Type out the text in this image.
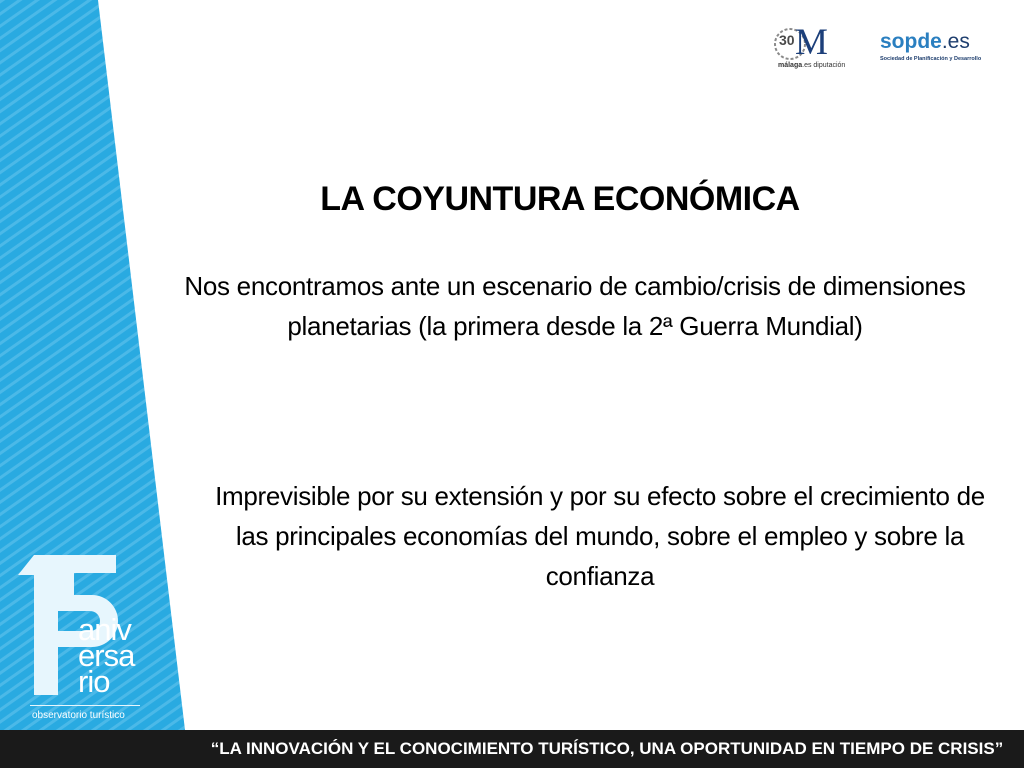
aniv
ersa
rio
observatorio turístico
30 M
málaga.es diputación
sopde.es
Sociedad de Planificación y Desarrollo
LA COYUNTURA ECONÓMICA

Nos encontramos ante un escenario de cambio/crisis de dimensiones planetarias (la primera desde la 2ª Guerra Mundial)

Imprevisible por su extensión y por su efecto sobre el crecimiento de las principales economías del mundo, sobre el empleo y sobre la confianza

“LA INNOVACIÓN Y EL CONOCIMIENTO TURÍSTICO, UNA OPORTUNIDAD EN TIEMPO DE CRISIS”
